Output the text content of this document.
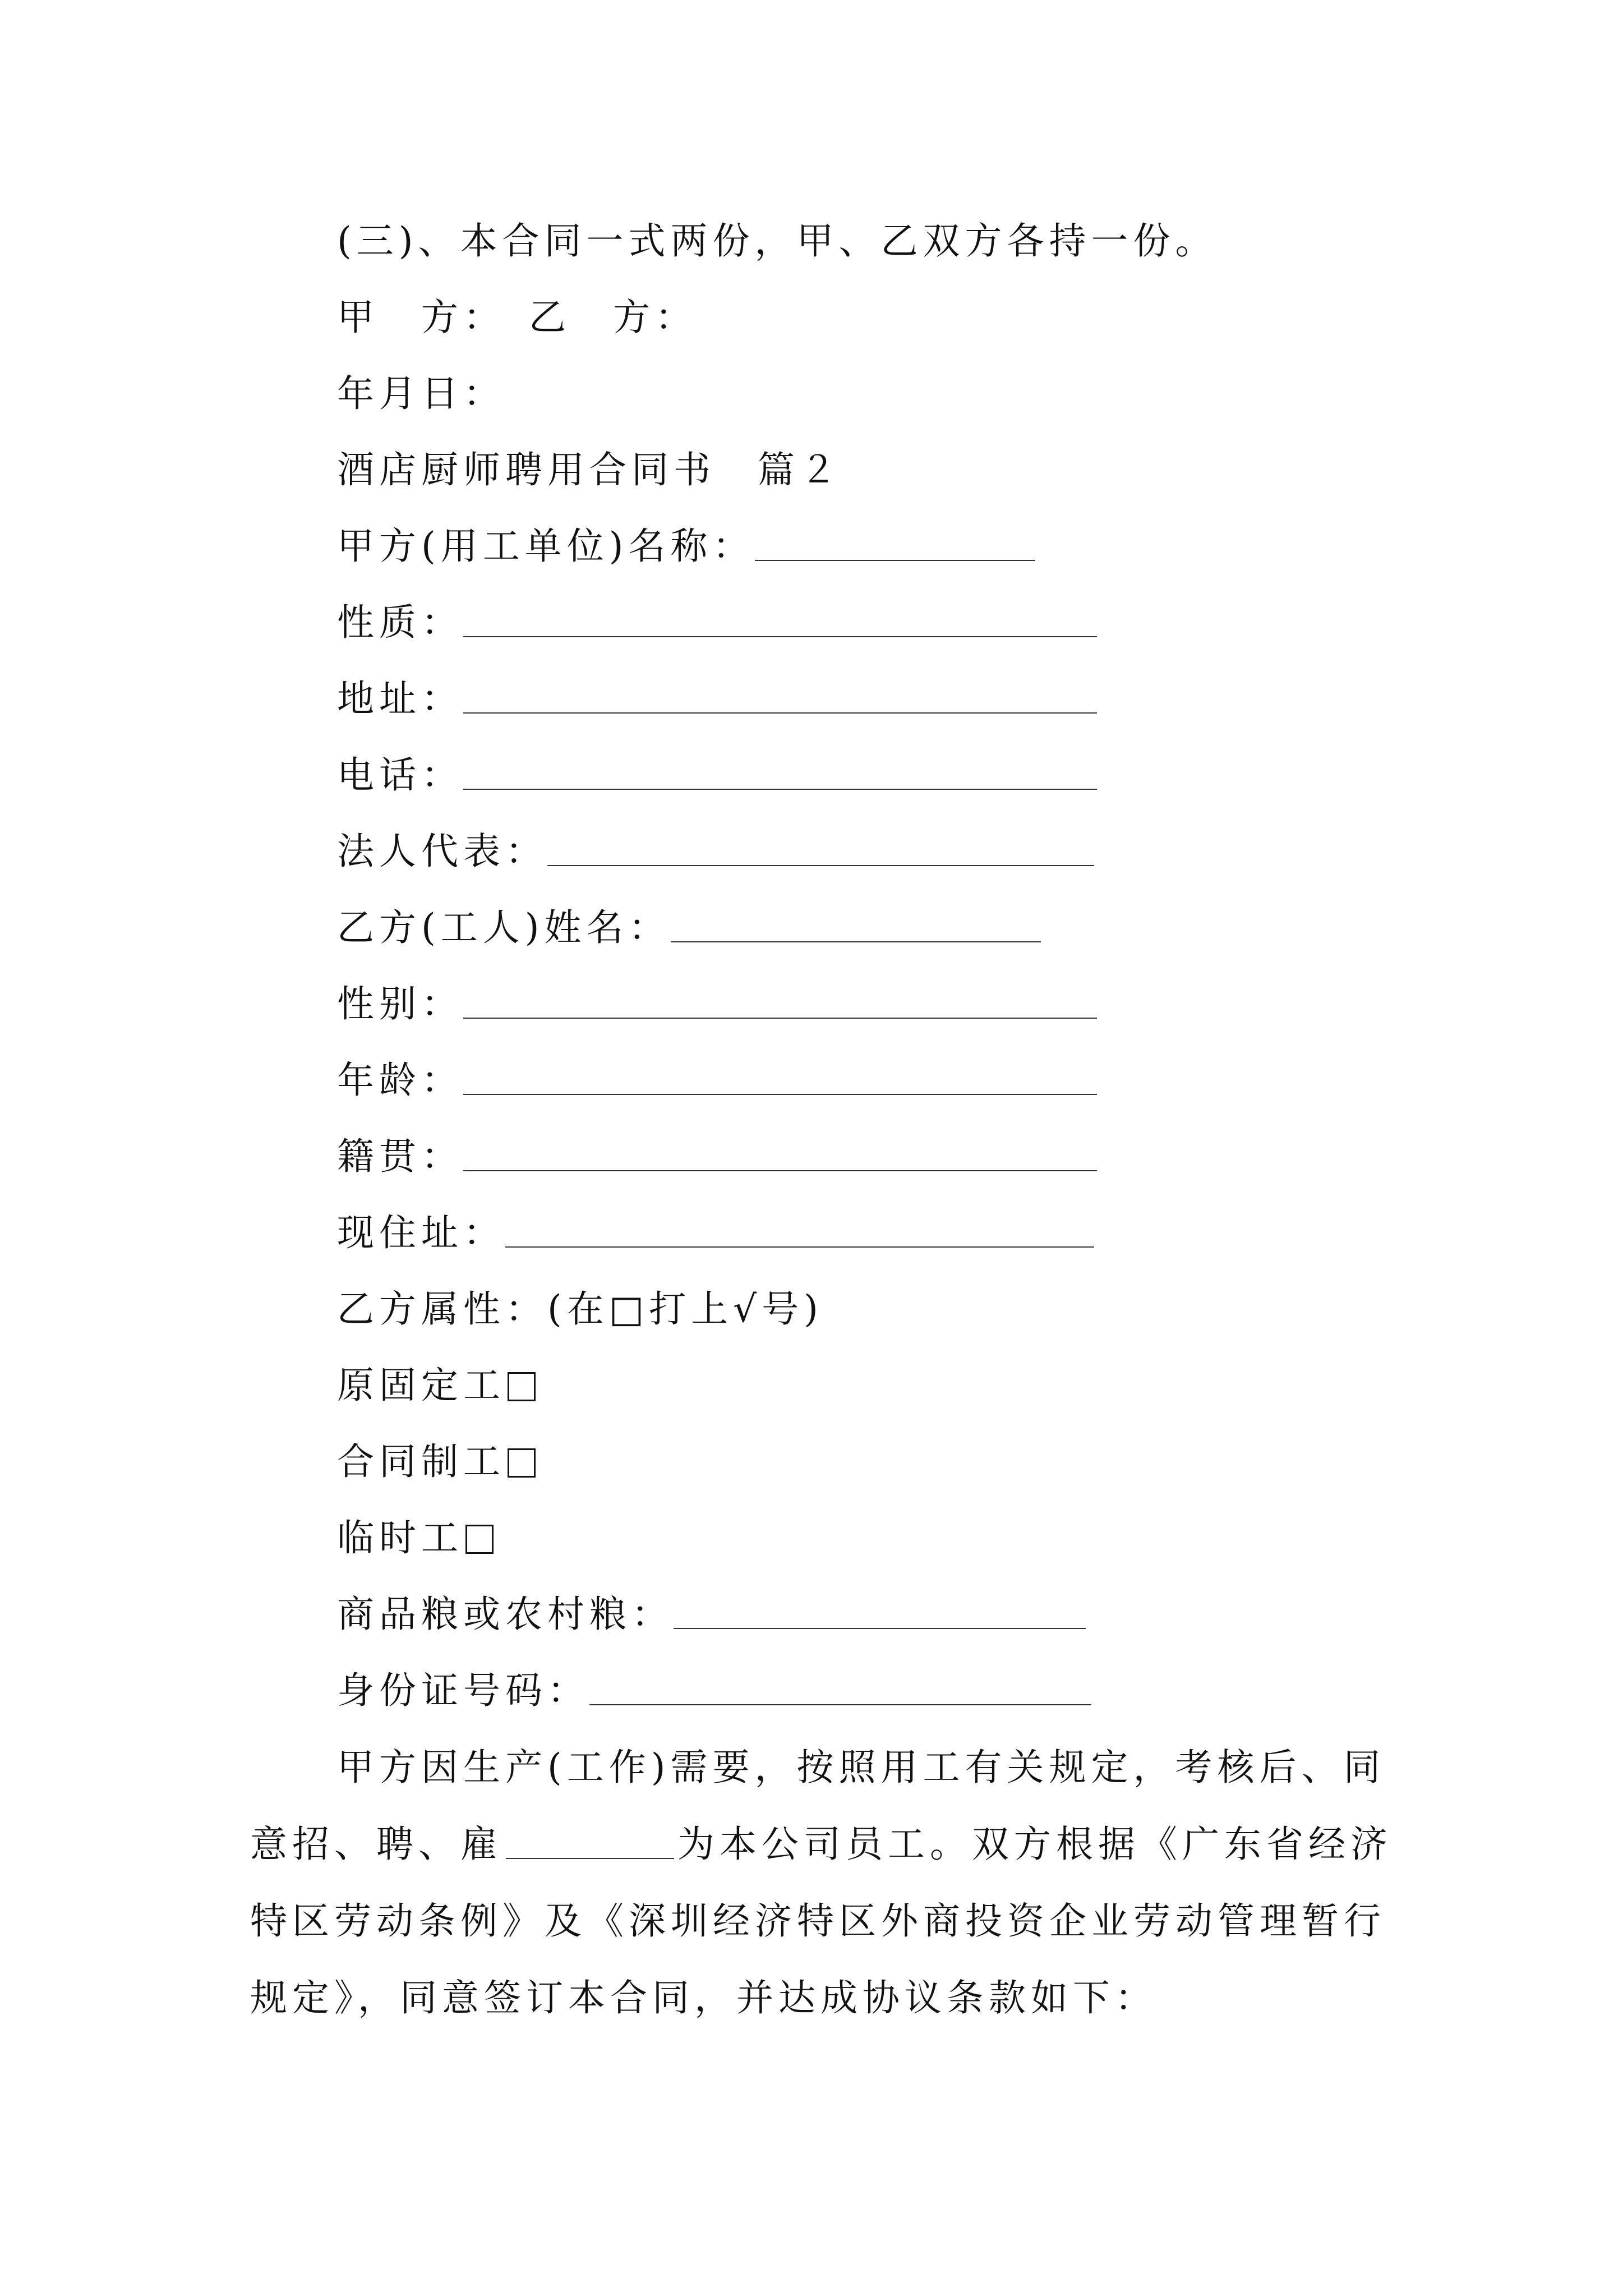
(三)、本合同一式两份，甲、乙双方各持一份。
甲　方：　乙　方：
年月日：
酒店厨师聘用合同书　篇２
甲方(用工单位)名称：
性质：
地址：
电话：
法人代表：
乙方(工人)姓名：
性别：
年龄：
籍贯：
现住址：
乙方属性：(在□打上√号)
原固定工
合同制工
临时工
商品粮或农村粮：
身份证号码：
甲方因生产(工作)需要，按照用工有关规定，考核后、同意招、聘、雇	为本公司员工。双方根据《广东省经济特区劳动条例》及《深圳经济特区外商投资企业劳动管理暂行规定》，同意签订本合同，并达成协议条款如下：
